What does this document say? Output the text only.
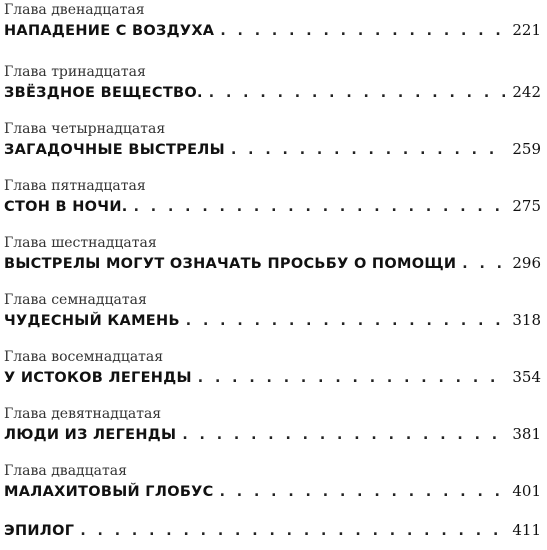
Глава двенадцатая
НАПАДЕНИЕ С ВОЗДУХА . . .	221
Глава тринадцатая
ЗВЁЗДНОЕ ВЕЩЕСТВО. . . .	242
Глава четырнадцатая
ЗАГАДОЧНЫЕ ВЫСТРЕЛЫ . . .	259
Глава пятнадцатая
СТОН В НОЧИ. . . .	275
Глава шестнадцатая
ВЫСТРЕЛЫ МОГУТ ОЗНАЧАТЬ ПРОСЬБУ О ПОМОЩИ . . .	296
Глава семнадцатая
ЧУДЕСНЫЙ КАМЕНЬ . . .	318
Глава восемнадцатая
У ИСТОКОВ ЛЕГЕНДЫ . . .	354
Глава девятнадцатая
ЛЮДИ ИЗ ЛЕГЕНДЫ . . .	381
Глава двадцатая
МАЛАХИТОВЫЙ ГЛОБУС . . .	401
ЭПИЛОГ . . .	411
